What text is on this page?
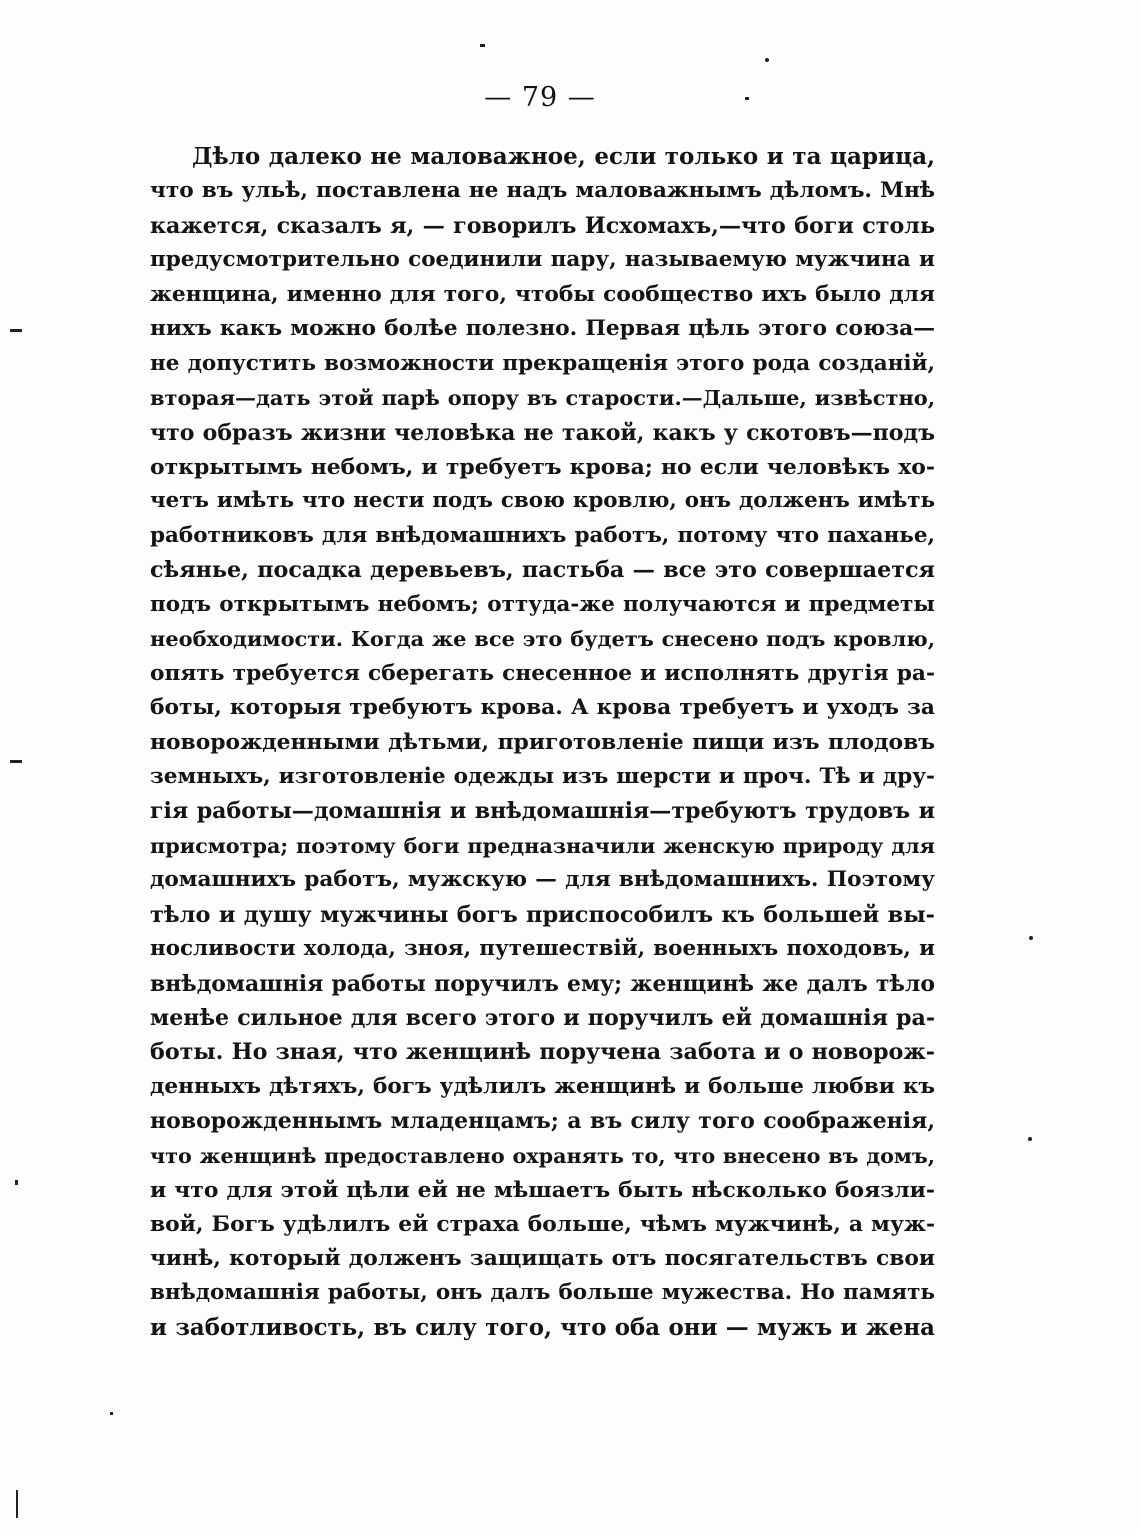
— 79 —
Дѣло далеко не маловажное, если только и та царица,
что въ ульѣ, поставлена не надъ маловажнымъ дѣломъ. Мнѣ
кажется, сказалъ я, — говорилъ Исхомахъ,—что боги столь
предусмотрительно соединили пару, называемую мужчина и
женщина, именно для того, чтобы сообщество ихъ было для
нихъ какъ можно болѣе полезно. Первая цѣль этого союза—
не допустить возможности прекращенія этого рода созданій,
вторая—дать этой парѣ опору въ старости.—Дальше, извѣстно,
что образъ жизни человѣка не такой, какъ у скотовъ—подъ
открытымъ небомъ, и требуетъ крова; но если человѣкъ хо-
четъ имѣть что нести подъ свою кровлю, онъ долженъ имѣть
работниковъ для внѣдомашнихъ работъ, потому что паханье,
сѣянье, посадка деревьевъ, пастьба — все это совершается
подъ открытымъ небомъ; оттуда-же получаются и предметы
необходимости. Когда же все это будетъ снесено подъ кровлю,
опять требуется сберегать снесенное и исполнять другія ра-
боты, которыя требуютъ крова. А крова требуетъ и уходъ за
новорожденными дѣтьми, приготовленіе пищи изъ плодовъ
земныхъ, изготовленіе одежды изъ шерсти и проч. Тѣ и дру-
гія работы—домашнія и внѣдомашнія—требуютъ трудовъ и
присмотра; поэтому боги предназначили женскую природу для
домашнихъ работъ, мужскую — для внѣдомашнихъ. Поэтому
тѣло и душу мужчины богъ приспособилъ къ большей вы-
носливости холода, зноя, путешествій, военныхъ походовъ, и
внѣдомашнія работы поручилъ ему; женщинѣ же далъ тѣло
менѣе сильное для всего этого и поручилъ ей домашнія ра-
боты. Но зная, что женщинѣ поручена забота и о новорож-
денныхъ дѣтяхъ, богъ удѣлилъ женщинѣ и больше любви къ
новорожденнымъ младенцамъ; а въ силу того соображенія,
что женщинѣ предоставлено охранять то, что внесено въ домъ,
и что для этой цѣли ей не мѣшаетъ быть нѣсколько боязли-
вой, Богъ удѣлилъ ей страха больше, чѣмъ мужчинѣ, а муж-
чинѣ, который долженъ защищать отъ посягательствъ свои
внѣдомашнія работы, онъ далъ больше мужества. Но память
и заботливость, въ силу того, что оба они — мужъ и жена
